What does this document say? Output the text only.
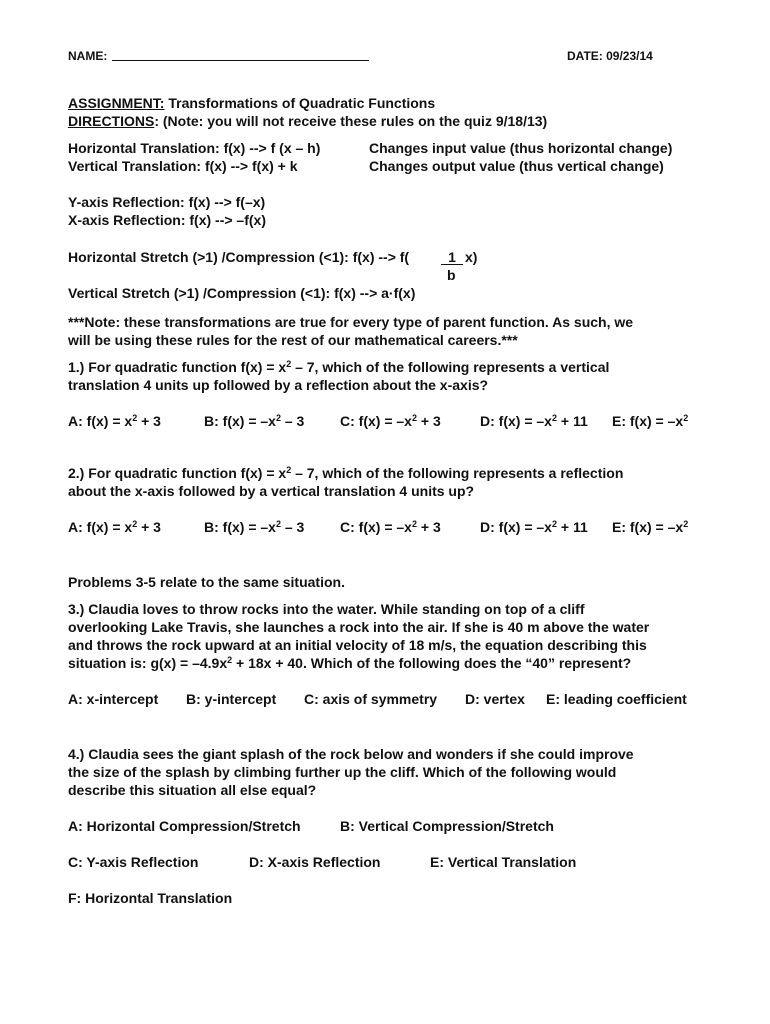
NAME:	DATE: 09/23/14
ASSIGNMENT: Transformations of Quadratic Functions
DIRECTIONS: (Note: you will not receive these rules on the quiz 9/18/13)
Horizontal Translation: f(x) --> f (x – h)	Changes input value (thus horizontal change)
Vertical Translation: f(x) --> f(x) + k	Changes output value (thus vertical change)
Y-axis Reflection: f(x) --> f(–x)
X-axis Reflection: f(x) --> –f(x)
Horizontal Stretch (>1) /Compression (<1): f(x) --> f(	1 x)
b
Vertical Stretch (>1) /Compression (<1): f(x) --> a·f(x)
***Note: these transformations are true for every type of parent function. As such, we
will be using these rules for the rest of our mathematical careers.***
1.) For quadratic function $f(x) = x^2 - 7$, which of the following represents a vertical
translation 4 units up followed by a reflection about the x-axis?
A: $f(x) = x^2 + 3$	B: $f(x) = -x^2 - 3$	C: $f(x) = -x^2 + 3$	D: $f(x) = -x^2 + 11$ E: $f(x) = -x^2$
2.) For quadratic function $f(x) = x^2 - 7$, which of the following represents a reflection
about the x-axis followed by a vertical translation 4 units up?
A: $f(x) = x^2 + 3$	B: $f(x) = -x^2 - 3$	C: $f(x) = -x^2 + 3$	D: $f(x) = -x^2 + 11$ E: $f(x) = -x^2$
Problems 3-5 relate to the same situation.
3.) Claudia loves to throw rocks into the water. While standing on top of a cliff
overlooking Lake Travis, she launches a rock into the air. If she is 40 m above the water
and throws the rock upward at an initial velocity of 18 m/s, the equation describing this
situation is: $g(x) = -4.9x^2 + 18x + 40$. Which of the following does the “40” represent?
A: x-intercept B: y-intercept C: axis of symmetry D: vertex E: leading coefficient
4.) Claudia sees the giant splash of the rock below and wonders if she could improve
the size of the splash by climbing further up the cliff. Which of the following would
describe this situation all else equal?
A: Horizontal Compression/Stretch	B: Vertical Compression/Stretch
C: Y-axis Reflection	D: X-axis Reflection	E: Vertical Translation
F: Horizontal Translation
